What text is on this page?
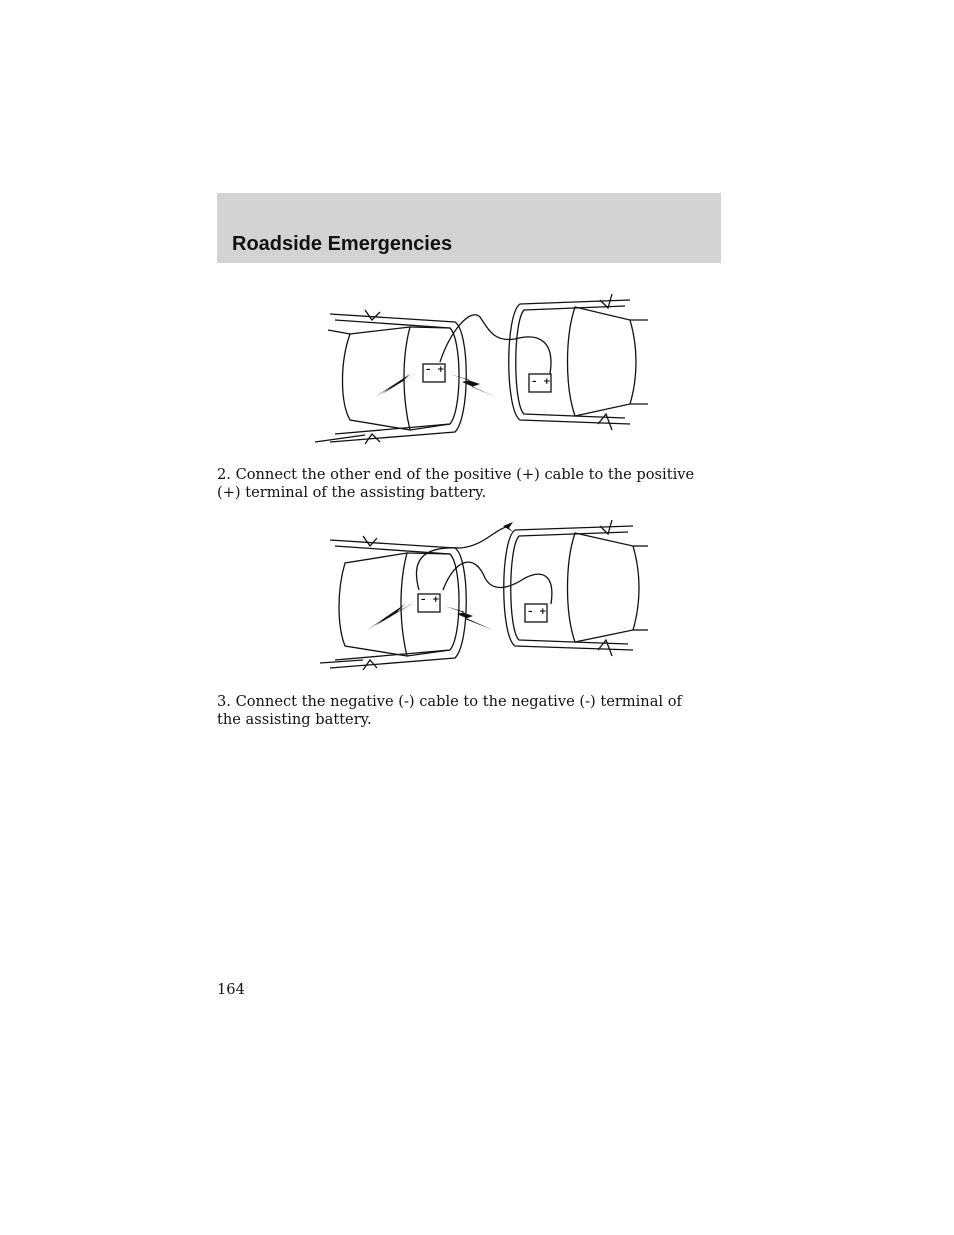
Roadside Emergencies
– +
– +

2. Connect the other end of the positive (+) cable to the positive (+) terminal of the assisting battery.

– +
– +

3. Connect the negative (-) cable to the negative (-) terminal of the assisting battery.

164
